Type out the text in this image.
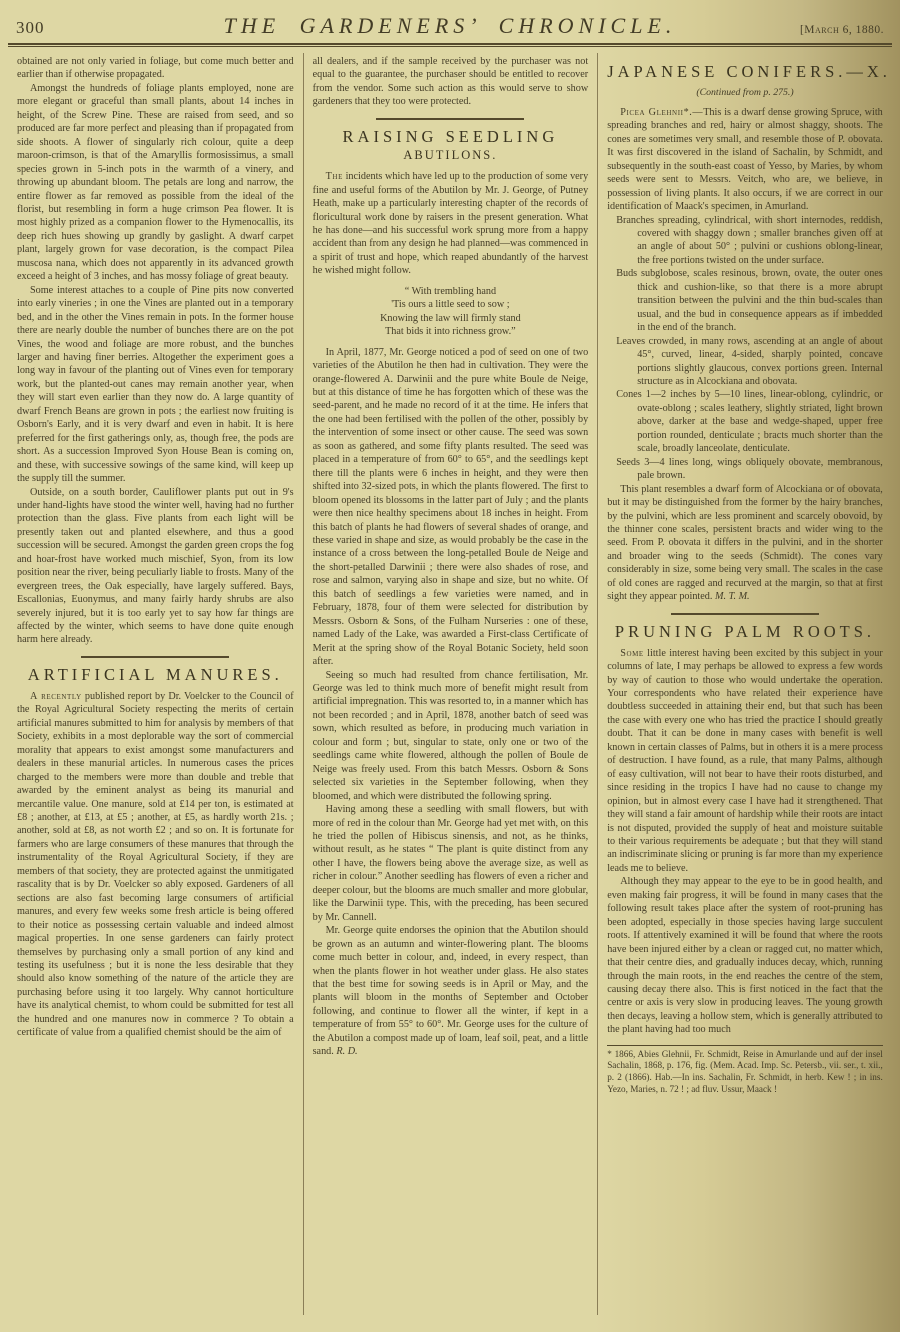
300	THE GARDENERS’ CHRONICLE.	[March 6, 1880.
obtained are not only varied in foliage, but come much better and earlier than if otherwise propagated.
Amongst the hundreds of foliage plants employed, none are more elegant or graceful than small plants, about 14 inches in height, of the Screw Pine. These are raised from seed, and so produced are far more perfect and pleasing than if propagated from side shoots. A flower of singularly rich colour, quite a deep maroon-crimson, is that of the Amaryllis formosissimus, a small species grown in 5-inch pots in the warmth of a vinery, and throwing up abundant bloom. The petals are long and narrow, the entire flower as far removed as possible from the ideal of the florist, but resembling in form a huge crimson Pea flower. It is most highly prized as a companion flower to the Hymenocallis, its deep rich hues showing up grandly by gaslight. A dwarf carpet plant, largely grown for vase decoration, is the compact Pilea muscosa nana, which does not apparently in its advanced growth exceed a height of 3 inches, and has mossy foliage of great beauty.
Some interest attaches to a couple of Pine pits now converted into early vineries ; in one the Vines are planted out in a temporary bed, and in the other the Vines remain in pots. In the former house there are nearly double the number of bunches there are on the pot Vines, the wood and foliage are more robust, and the bunches larger and having finer berries. Altogether the experiment goes a long way in favour of the planting out of Vines even for temporary work, but the planted-out canes may remain another year, when they will start even earlier than they now do. A large quantity of dwarf French Beans are grown in pots ; the earliest now fruiting is Osborn's Early, and it is very dwarf and even in habit. It is here preferred for the first gatherings only, as, though free, the pods are short. As a succession Improved Syon House Bean is coming on, and these, with successive sowings of the same kind, will keep up the supply till the summer.
Outside, on a south border, Cauliflower plants put out in 9's under hand-lights have stood the winter well, having had no further protection than the glass. Five plants from each light will be presently taken out and planted elsewhere, and thus a good succession will be secured. Amongst the garden green crops the fog and hoar-frost have worked much mischief, Syon, from its low position near the river, being peculiarly liable to frosts. Many of the evergreen trees, the Oak especially, have largely suffered. Bays, Escallonias, Euonymus, and many fairly hardy shrubs are also severely injured, but it is too early yet to say how far things are affected by the winter, which seems to have done quite enough harm here already.
ARTIFICIAL MANURES.
A recently published report by Dr. Voelcker to the Council of the Royal Agricultural Society respecting the merits of certain artificial manures submitted to him for analysis by members of that Society, exhibits in a most deplorable way the sort of commercial morality that appears to exist amongst some manufacturers and dealers in these manurial articles. In numerous cases the prices charged to the members were more than double and treble that awarded by the eminent analyst as being its manurial and mercantile value. One manure, sold at £14 per ton, is estimated at £8 ; another, at £13, at £5 ; another, at £5, as hardly worth 21s. ; another, sold at £8, as not worth £2 ; and so on. It is fortunate for farmers who are large consumers of these manures that through the instrumentality of the Royal Agricultural Society, if they are members of that society, they are protected against the unmitigated rascality that is by Dr. Voelcker so ably exposed. Gardeners of all sections are also fast becoming large consumers of artificial manures, and every few weeks some fresh article is being offered to their notice as possessing certain valuable and indeed almost magical properties. In one sense gardeners can fairly protect themselves by purchasing only a small portion of any kind and testing its usefulness ; but it is none the less desirable that they should also know something of the nature of the article they are purchasing before using it too largely. Why cannot horticulture have its analytical chemist, to whom could be submitted for test all the hundred and one manures now in commerce ? To obtain a certificate of value from a qualified chemist should be the aim of
all dealers, and if the sample received by the purchaser was not equal to the guarantee, the purchaser should be entitled to recover from the vendor. Some such action as this would serve to show gardeners that they too were protected.
RAISING SEEDLING
ABUTILONS.
The incidents which have led up to the production of some very fine and useful forms of the Abutilon by Mr. J. George, of Putney Heath, make up a particularly interesting chapter of the records of floricultural work done by raisers in the present generation. What he has done—and his successful work sprung more from a happy accident than from any design he had planned—was commenced in a spirit of trust and hope, which reaped abundantly of the harvest he wished might follow.
“ With trembling hand
'Tis ours a little seed to sow ;
Knowing the law will firmly stand
That bids it into richness grow.”
In April, 1877, Mr. George noticed a pod of seed on one of two varieties of the Abutilon he then had in cultivation. They were the orange-flowered A. Darwinii and the pure white Boule de Neige, but at this distance of time he has forgotten which of these was the seed-parent, and he made no record of it at the time. He infers that the one had been fertilised with the pollen of the other, possibly by the intervention of some insect or other cause. The seed was sown as soon as gathered, and some fifty plants resulted. The seed was placed in a temperature of from 60° to 65°, and the seedlings kept there till the plants were 6 inches in height, and they were then shifted into 32-sized pots, in which the plants flowered. The first to bloom opened its blossoms in the latter part of July ; and the plants were then nice healthy specimens about 18 inches in height. From this batch of plants he had flowers of several shades of orange, and these varied in shape and size, as would probably be the case in the instance of a cross between the long-petalled Boule de Neige and the short-petalled Darwinii ; there were also shades of rose, and rose and salmon, varying also in shape and size, but no white. Of this batch of seedlings a few varieties were named, and in February, 1878, four of them were selected for distribution by Messrs. Osborn & Sons, of the Fulham Nurseries : one of these, named Lady of the Lake, was awarded a First-class Certificate of Merit at the spring show of the Royal Botanic Society, held soon after.
Seeing so much had resulted from chance fertilisation, Mr. George was led to think much more of benefit might result from artificial impregnation. This was resorted to, in a manner which has not been recorded ; and in April, 1878, another batch of seed was sown, which resulted as before, in producing much variation in colour and form ; but, singular to state, only one or two of the seedlings came white flowered, although the pollen of Boule de Neige was freely used. From this batch Messrs. Osborn & Sons selected six varieties in the September following, when they bloomed, and which were distributed the following spring.
Having among these a seedling with small flowers, but with more of red in the colour than Mr. George had yet met with, on this he tried the pollen of Hibiscus sinensis, and not, as he thinks, without result, as he states “ The plant is quite distinct from any other I have, the flowers being above the average size, as well as richer in colour.” Another seedling has flowers of even a richer and deeper colour, but the blooms are much smaller and more globular, like the Darwinii type. This, with the preceding, has been secured by Mr. Cannell.
Mr. George quite endorses the opinion that the Abutilon should be grown as an autumn and winter-flowering plant. The blooms come much better in colour, and, indeed, in every respect, than when the plants flower in hot weather under glass. He also states that the best time for sowing seeds is in April or May, and the plants will bloom in the months of September and October following, and continue to flower all the winter, if kept in a temperature of from 55° to 60°. Mr. George uses for the culture of the Abutilon a compost made up of loam, leaf soil, peat, and a little sand. R. D.
JAPANESE CONIFERS.—X.
(Continued from p. 275.)
Picea Glehnii*.—This is a dwarf dense growing Spruce, with spreading branches and red, hairy or almost shaggy, shoots. The cones are sometimes very small, and resemble those of P. obovata. It was first discovered in the island of Sachalin, by Schmidt, and subsequently in the south-east coast of Yesso, by Maries, by whom seeds were sent to Messrs. Veitch, who are, we believe, in possession of living plants. It also occurs, if we are correct in our identification of Maack's specimen, in Amurland.
Branches spreading, cylindrical, with short internodes, reddish, covered with shaggy down ; smaller branches given off at an angle of about 50° ; pulvini or cushions oblong-linear, the free portions twisted on the under surface.
Buds subglobose, scales resinous, brown, ovate, the outer ones thick and cushion-like, so that there is a more abrupt transition between the pulvini and the thin bud-scales than usual, and the bud in consequence appears as if imbedded in the end of the branch.
Leaves crowded, in many rows, ascending at an angle of about 45°, curved, linear, 4-sided, sharply pointed, concave portions slightly glaucous, convex portions green. Internal structure as in Alcockiana and obovata.
Cones 1—2 inches by 5—10 lines, linear-oblong, cylindric, or ovate-oblong ; scales leathery, slightly striated, light brown above, darker at the base and wedge-shaped, upper free portion rounded, denticulate ; bracts much shorter than the scale, broadly lanceolate, denticulate.
Seeds 3—4 lines long, wings obliquely obovate, membranous, pale brown.
This plant resembles a dwarf form of Alcockiana or of obovata, but it may be distinguished from the former by the hairy branches, by the pulvini, which are less prominent and scarcely obovoid, by the thinner cone scales, persistent bracts and wider wing to the seed. From P. obovata it differs in the pulvini, and in the shorter and broader wing to the seeds (Schmidt). The cones vary considerably in size, some being very small. The scales in the case of old cones are ragged and recurved at the margin, so that at first sight they appear pointed. M. T. M.
PRUNING PALM ROOTS.
Some little interest having been excited by this subject in your columns of late, I may perhaps be allowed to express a few words by way of caution to those who would undertake the operation. Your correspondents who have related their experience have doubtless succeeded in attaining their end, but that such has been the case with every one who has tried the practice I should greatly doubt. That it can be done in many cases with benefit is well known in certain classes of Palms, but in others it is a mere process of destruction. I have found, as a rule, that many Palms, although of easy cultivation, will not bear to have their roots disturbed, and since residing in the tropics I have had no cause to change my opinion, but in almost every case I have had it strengthened. That they will stand a fair amount of hardship while their roots are intact is not disputed, provided the supply of heat and moisture suitable to their various requirements be adequate ; but that they will stand an indiscriminate slicing or pruning is far more than my experience leads me to believe.
Although they may appear to the eye to be in good health, and even making fair progress, it will be found in many cases that the following result takes place after the system of root-pruning has been adopted, especially in those species having large succulent roots. If attentively examined it will be found that where the roots have been injured either by a clean or ragged cut, no matter which, that their centre dies, and gradually induces decay, which, running through the main roots, in the end reaches the centre of the stem, causing decay there also. This is first noticed in the fact that the centre or axis is very slow in producing leaves. The young growth then decays, leaving a hollow stem, which is generally attributed to the plant having had too much
* 1866, Abies Glehnii, Fr. Schmidt, Reise in Amurlande und auf der insel Sachalin, 1868, p. 176, fig. (Mem. Acad. Imp. Sc. Petersb., vii. ser., t. xii., p. 2 (1866). Hab.—In ins. Sachalin, Fr. Schmidt, in herb. Kew ! ; in ins. Yezo, Maries, n. 72 ! ; ad fluv. Ussur, Maack !
